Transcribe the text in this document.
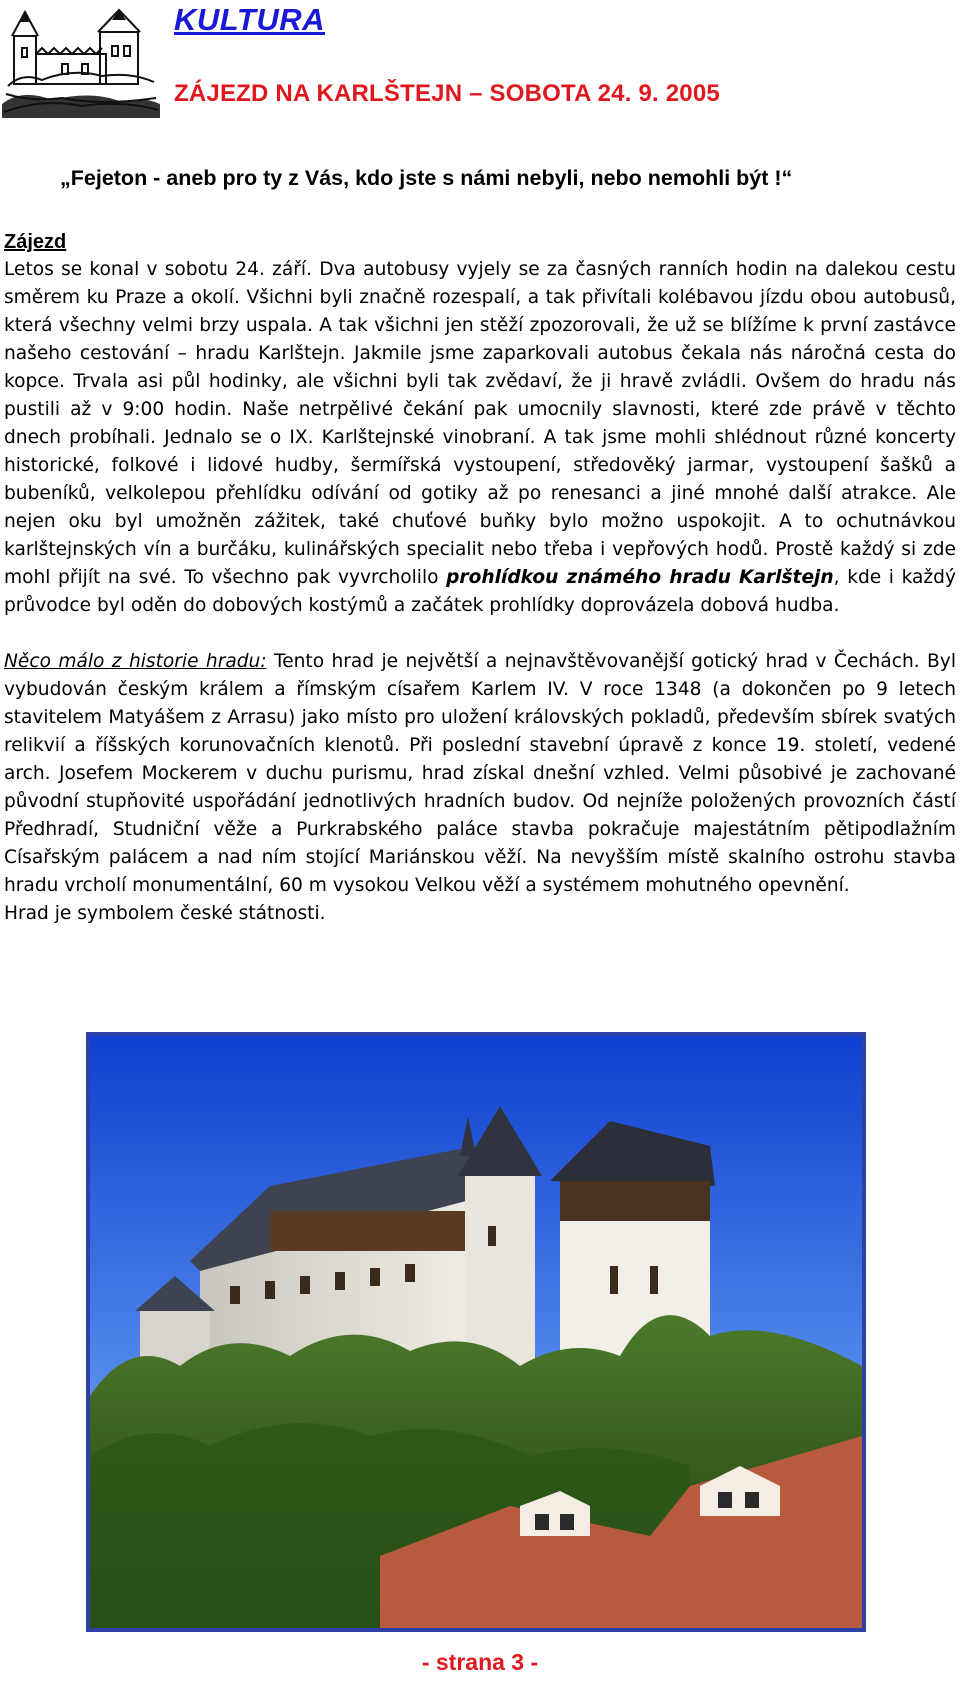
KULTURA
ZÁJEZD NA KARLŠTEJN – SOBOTA 24. 9. 2005

„Fejeton - aneb pro ty z Vás, kdo jste s námi nebyli, nebo nemohli být !“

Zájezd
Letos se konal v sobotu 24. září. Dva autobusy vyjely se za časných ranních hodin na dalekou cestu směrem ku Praze a okolí. Všichni byli značně rozespalí, a tak přivítali kolébavou jízdu obou autobusů, která všechny velmi brzy uspala. A tak všichni jen stěží zpozorovali, že už se blížíme k první zastávce našeho cestování – hradu Karlštejn. Jakmile jsme zaparkovali autobus čekala nás náročná cesta do kopce. Trvala asi půl hodinky, ale všichni byli tak zvědaví, že ji hravě zvládli. Ovšem do hradu nás pustili až v 9:00 hodin. Naše netrpělivé čekání pak umocnily slavnosti, které zde právě v těchto dnech probíhali. Jednalo se o IX. Karlštejnské vinobraní. A tak jsme mohli shlédnout různé koncerty historické, folkové i lidové hudby, šermířská vystoupení, středověký jarmar, vystoupení šašků a bubeníků, velkolepou přehlídku odívání od gotiky až po renesanci a jiné mnohé další atrakce. Ale nejen oku byl umožněn zážitek, také chuťové buňky bylo možno uspokojit. A to ochutnávkou karlštejnských vín a burčáku, kulinářských specialit nebo třeba i vepřových hodů. Prostě každý si zde mohl přijít na své. To všechno pak vyvrcholilo prohlídkou známého hradu Karlštejn, kde i každý průvodce byl oděn do dobových kostýmů a začátek prohlídky doprovázela dobová hudba.

Něco málo z historie hradu: Tento hrad je největší a nejnavštěvovanější gotický hrad v Čechách. Byl vybudován českým králem a římským císařem Karlem IV. V roce 1348 (a dokončen po 9 letech stavitelem Matyášem z Arrasu) jako místo pro uložení královských pokladů, především sbírek svatých relikvií a říšských korunovačních klenotů. Při poslední stavební úpravě z konce 19. století, vedené arch. Josefem Mockerem v duchu purismu, hrad získal dnešní vzhled. Velmi působivé je zachované původní stupňovité uspořádání jednotlivých hradních budov. Od nejníže položených provozních částí Předhradí, Studniční věže a Purkrabského paláce stavba pokračuje majestátním pětipodlažním Císařským palácem a nad ním stojící Mariánskou věží. Na nevyšším místě skalního ostrohu stavba hradu vrcholí monumentální, 60 m vysokou Velkou věží a systémem mohutného opevnění.

Hrad je symbolem české státnosti.

- strana 3 -
